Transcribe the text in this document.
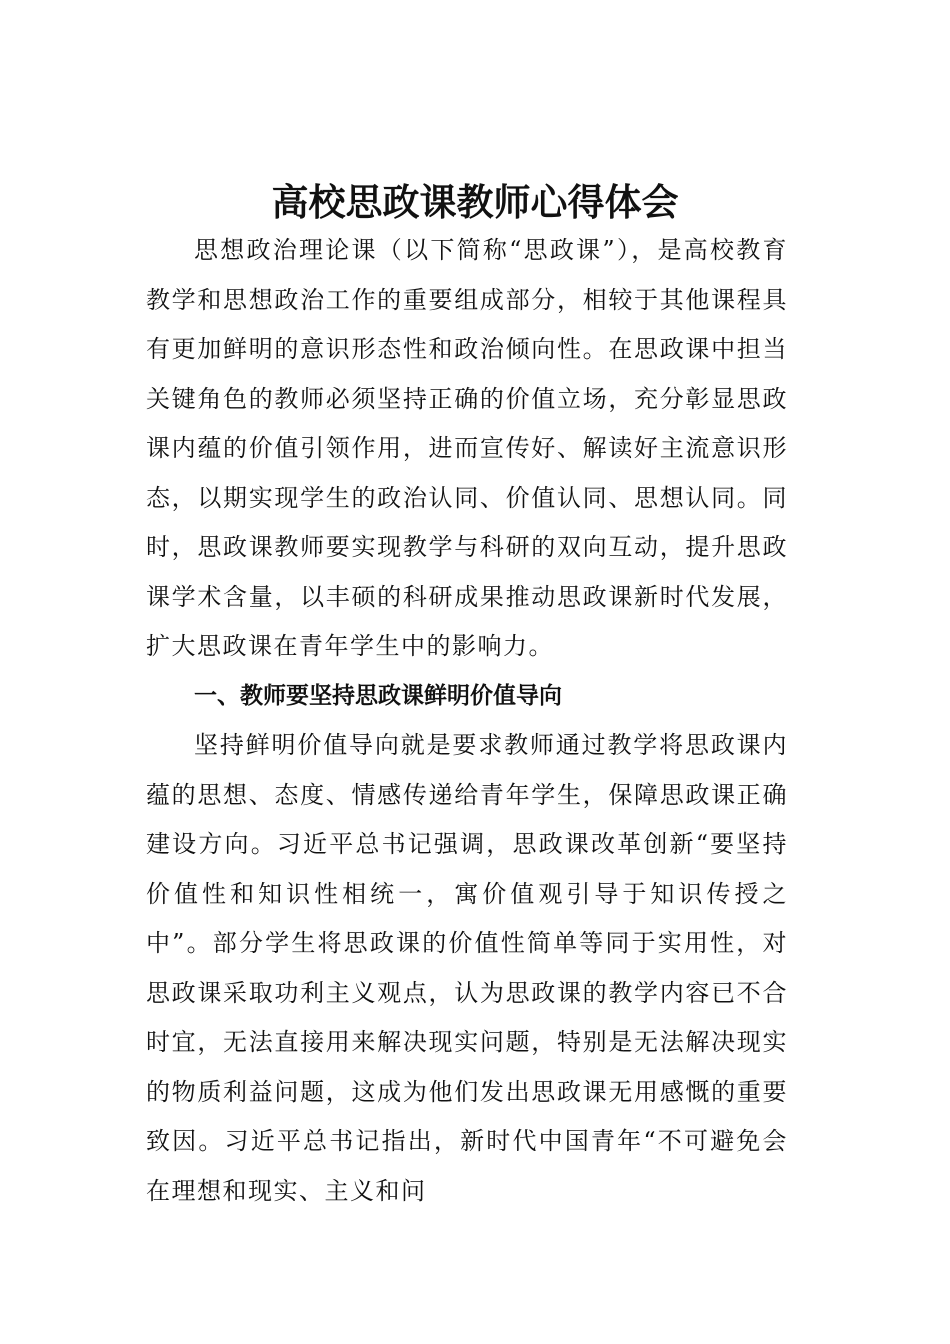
高校思政课教师心得体会

思想政治理论课（以下简称“思政课”），是高校教育教学和思想政治工作的重要组成部分，相较于其他课程具有更加鲜明的意识形态性和政治倾向性。在思政课中担当关键角色的教师必须坚持正确的价值立场，充分彰显思政课内蕴的价值引领作用，进而宣传好、解读好主流意识形态，以期实现学生的政治认同、价值认同、思想认同。同时，思政课教师要实现教学与科研的双向互动，提升思政课学术含量，以丰硕的科研成果推动思政课新时代发展，扩大思政课在青年学生中的影响力。

一、教师要坚持思政课鲜明价值导向

坚持鲜明价值导向就是要求教师通过教学将思政课内蕴的思想、态度、情感传递给青年学生，保障思政课正确建设方向。习近平总书记强调，思政课改革创新“要坚持价值性和知识性相统一，寓价值观引导于知识传授之中”。部分学生将思政课的价值性简单等同于实用性，对思政课采取功利主义观点，认为思政课的教学内容已不合时宜，无法直接用来解决现实问题，特别是无法解决现实的物质利益问题，这成为他们发出思政课无用感慨的重要致因。习近平总书记指出，新时代中国青年“不可避免会在理想和现实、主义和问
